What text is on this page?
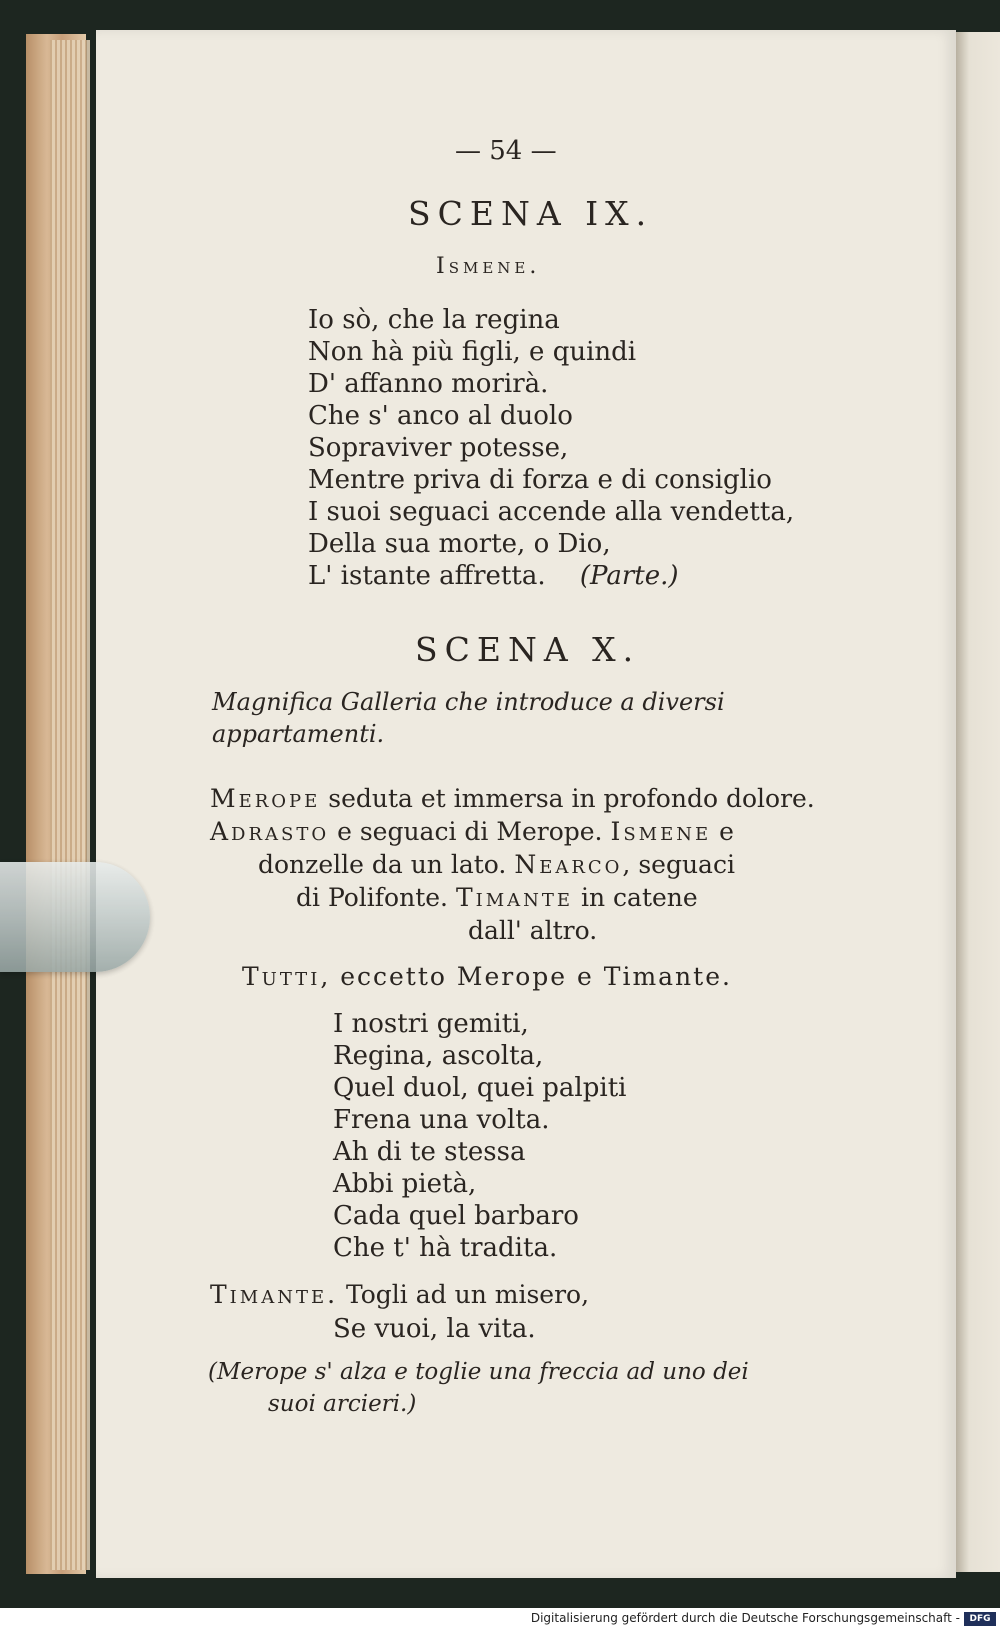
— 54 —
SCENA IX.
Ismene.
Io sò, che la regina
Non hà più figli, e quindi
D' affanno morirà.
Che s' anco al duolo
Sopraviver potesse,
Mentre priva di forza e di consiglio
I suoi seguaci accende alla vendetta,
Della sua morte, o Dio,
L' istante affretta. (Parte.)
SCENA X.
Magnifica Galleria che introduce a diversi appartamenti.
Merope seduta et immersa in profondo dolore.
Adrasto e seguaci di Merope. Ismene e
donzelle da un lato. Nearco, seguaci
di Polifonte. Timante in catene
dall' altro.
Tutti, eccetto Merope e Timante.
I nostri gemiti,
Regina, ascolta,
Quel duol, quei palpiti
Frena una volta.
Ah di te stessa
Abbi pietà,
Cada quel barbaro
Che t' hà tradita.
Timante. Togli ad un misero,
Se vuoi, la vita.
(Merope s' alza e toglie una freccia ad uno dei
suoi arcieri.)
Digitalisierung gefördert durch die Deutsche Forschungsgemeinschaft -	DFG
